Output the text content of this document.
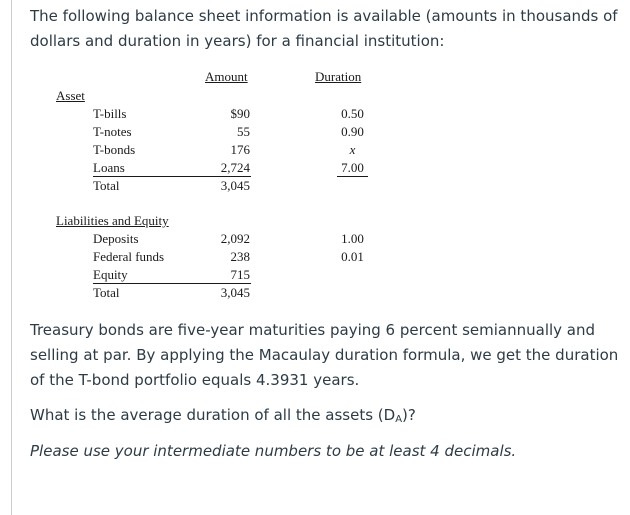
The following balance sheet information is available (amounts in thousands of dollars and duration in years) for a financial institution:
Amount	Duration
Asset
T-bills	$90	0.50
T-notes	55	0.90
T-bonds	176	x
Loans	2,724	7.00
Total	3,045
Liabilities and Equity
Deposits	2,092	1.00
Federal funds	238	0.01
Equity	715
Total	3,045
Treasury bonds are five-year maturities paying 6 percent semiannually and selling at par. By applying the Macaulay duration formula, we get the duration of the T-bond portfolio equals 4.3931 years.
What is the average duration of all the assets $(D_A)$?
Please use your intermediate numbers to be at least 4 decimals.
